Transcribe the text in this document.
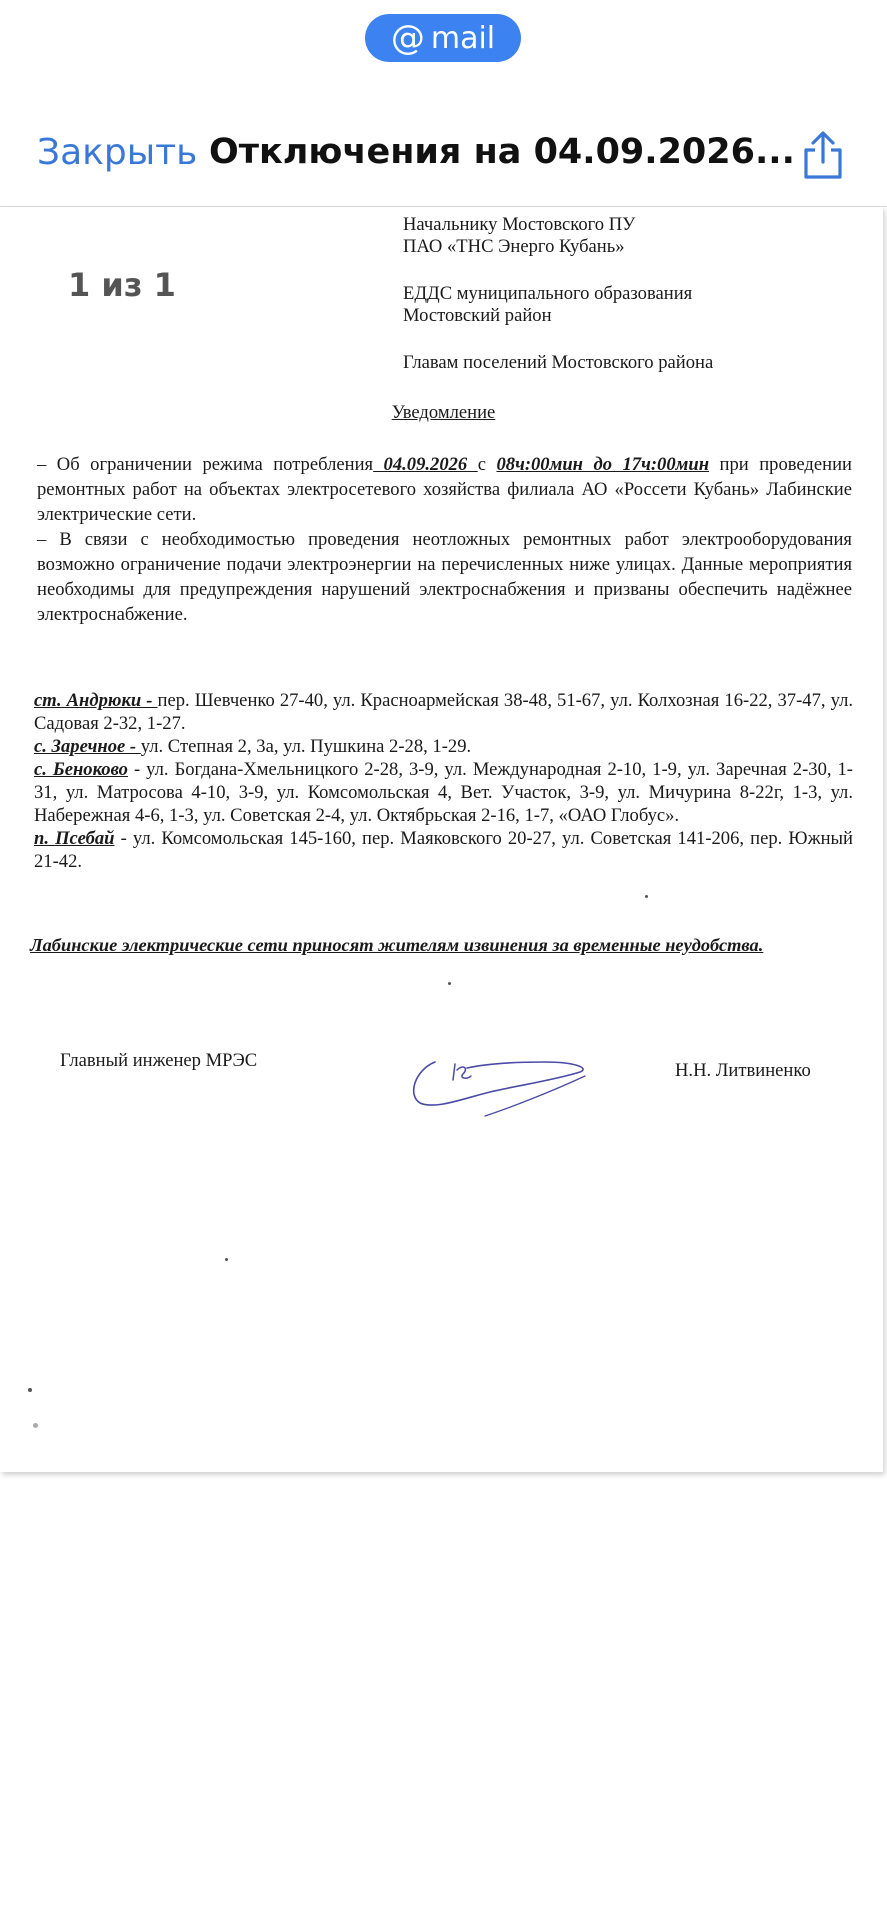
@ mail
Закрыть Отключения на 04.09.2026...
1 из 1

Начальнику Мостовского ПУ

ПАО «ТНС Энерго Кубань»

ЕДДС муниципального образования

Мостовский район

Главам поселений Мостовского района

Уведомление

– Об ограничении режима потребления 04.09.2026 с 08ч:00мин до 17ч:00мин при проведении ремонтных работ на объектах электросетевого хозяйства филиала АО «Россети Кубань» Лабинские электрические сети.

– В связи с необходимостью проведения неотложных ремонтных работ электрооборудования возможно ограничение подачи электроэнергии на перечисленных ниже улицах. Данные мероприятия необходимы для предупреждения нарушений электроснабжения и призваны обеспечить надёжнее электроснабжение.

ст. Андрюки - пер. Шевченко 27-40, ул. Красноармейская 38-48, 51-67, ул. Колхозная 16-22, 37-47, ул. Садовая 2-32, 1-27.

с. Заречное - ул. Степная 2, 3а, ул. Пушкина 2-28, 1-29.

с. Беноково - ул. Богдана-Хмельницкого 2-28, 3-9, ул. Международная 2-10, 1-9, ул. Заречная 2-30, 1-31, ул. Матросова 4-10, 3-9, ул. Комсомольская 4, Вет. Участок, 3-9, ул. Мичурина 8-22г, 1-3, ул. Набережная 4-6, 1-3, ул. Советская 2-4, ул. Октябрьская 2-16, 1-7, «ОАО Глобус».

п. Псебай - ул. Комсомольская 145-160, пер. Маяковского 20-27, ул. Советская 141-206, пер. Южный 21-42.

Лабинские электрические сети приносят жителям извинения за временные неудобства.
Главный инженер МРЭС	Н.Н. Литвиненко
